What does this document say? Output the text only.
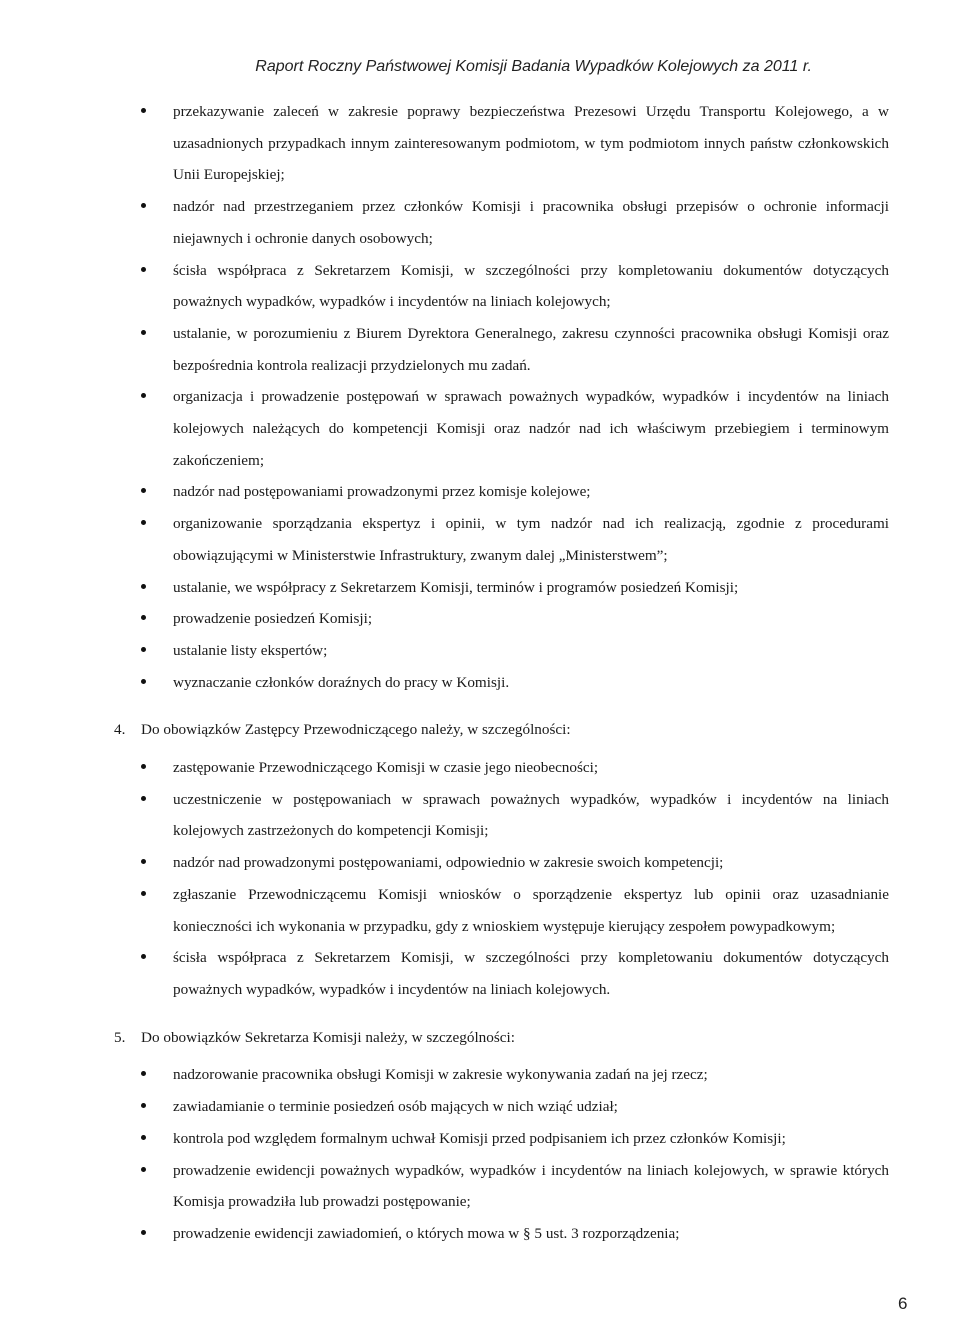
Raport Roczny Państwowej Komisji Badania Wypadków Kolejowych za 2011 r.
przekazywanie zaleceń w zakresie poprawy bezpieczeństwa Prezesowi Urzędu Transportu Kolejowego, a w uzasadnionych przypadkach innym zainteresowanym podmiotom, w tym podmiotom innych państw członkowskich Unii Europejskiej;
nadzór nad przestrzeganiem przez członków Komisji i pracownika obsługi przepisów o ochronie informacji niejawnych i ochronie danych osobowych;
ścisła współpraca z Sekretarzem Komisji, w szczególności przy kompletowaniu dokumentów dotyczących poważnych wypadków, wypadków i incydentów na liniach kolejowych;
ustalanie, w porozumieniu z Biurem Dyrektora Generalnego, zakresu czynności pracownika obsługi Komisji oraz bezpośrednia kontrola realizacji przydzielonych mu zadań.
organizacja i prowadzenie postępowań w sprawach poważnych wypadków, wypadków i incydentów na liniach kolejowych należących do kompetencji Komisji oraz nadzór nad ich właściwym przebiegiem i terminowym zakończeniem;
nadzór nad postępowaniami prowadzonymi przez komisje kolejowe;
organizowanie sporządzania ekspertyz i opinii, w tym nadzór nad ich realizacją, zgodnie z procedurami obowiązującymi w Ministerstwie Infrastruktury, zwanym dalej „Ministerstwem”;
ustalanie, we współpracy z Sekretarzem Komisji, terminów i programów posiedzeń Komisji;
prowadzenie posiedzeń Komisji;
ustalanie listy ekspertów;
wyznaczanie członków doraźnych do pracy w Komisji.
4. Do obowiązków Zastępcy Przewodniczącego należy, w szczególności:
zastępowanie Przewodniczącego Komisji w czasie jego nieobecności;
uczestniczenie w postępowaniach w sprawach poważnych wypadków, wypadków i incydentów na liniach kolejowych zastrzeżonych do kompetencji Komisji;
nadzór nad prowadzonymi postępowaniami, odpowiednio w zakresie swoich kompetencji;
zgłaszanie Przewodniczącemu Komisji wniosków o sporządzenie ekspertyz lub opinii oraz uzasadnianie konieczności ich wykonania w przypadku, gdy z wnioskiem występuje kierujący zespołem powypadkowym;
ścisła współpraca z Sekretarzem Komisji, w szczególności przy kompletowaniu dokumentów dotyczących poważnych wypadków, wypadków i incydentów na liniach kolejowych.
5. Do obowiązków Sekretarza Komisji należy, w szczególności:
nadzorowanie pracownika obsługi Komisji w zakresie wykonywania zadań na jej rzecz;
zawiadamianie o terminie posiedzeń osób mających w nich wziąć udział;
kontrola pod względem formalnym uchwał Komisji przed podpisaniem ich przez członków Komisji;
prowadzenie ewidencji poważnych wypadków, wypadków i incydentów na liniach kolejowych, w sprawie których Komisja prowadziła lub prowadzi postępowanie;
prowadzenie ewidencji zawiadomień, o których mowa w § 5 ust. 3 rozporządzenia;
6
